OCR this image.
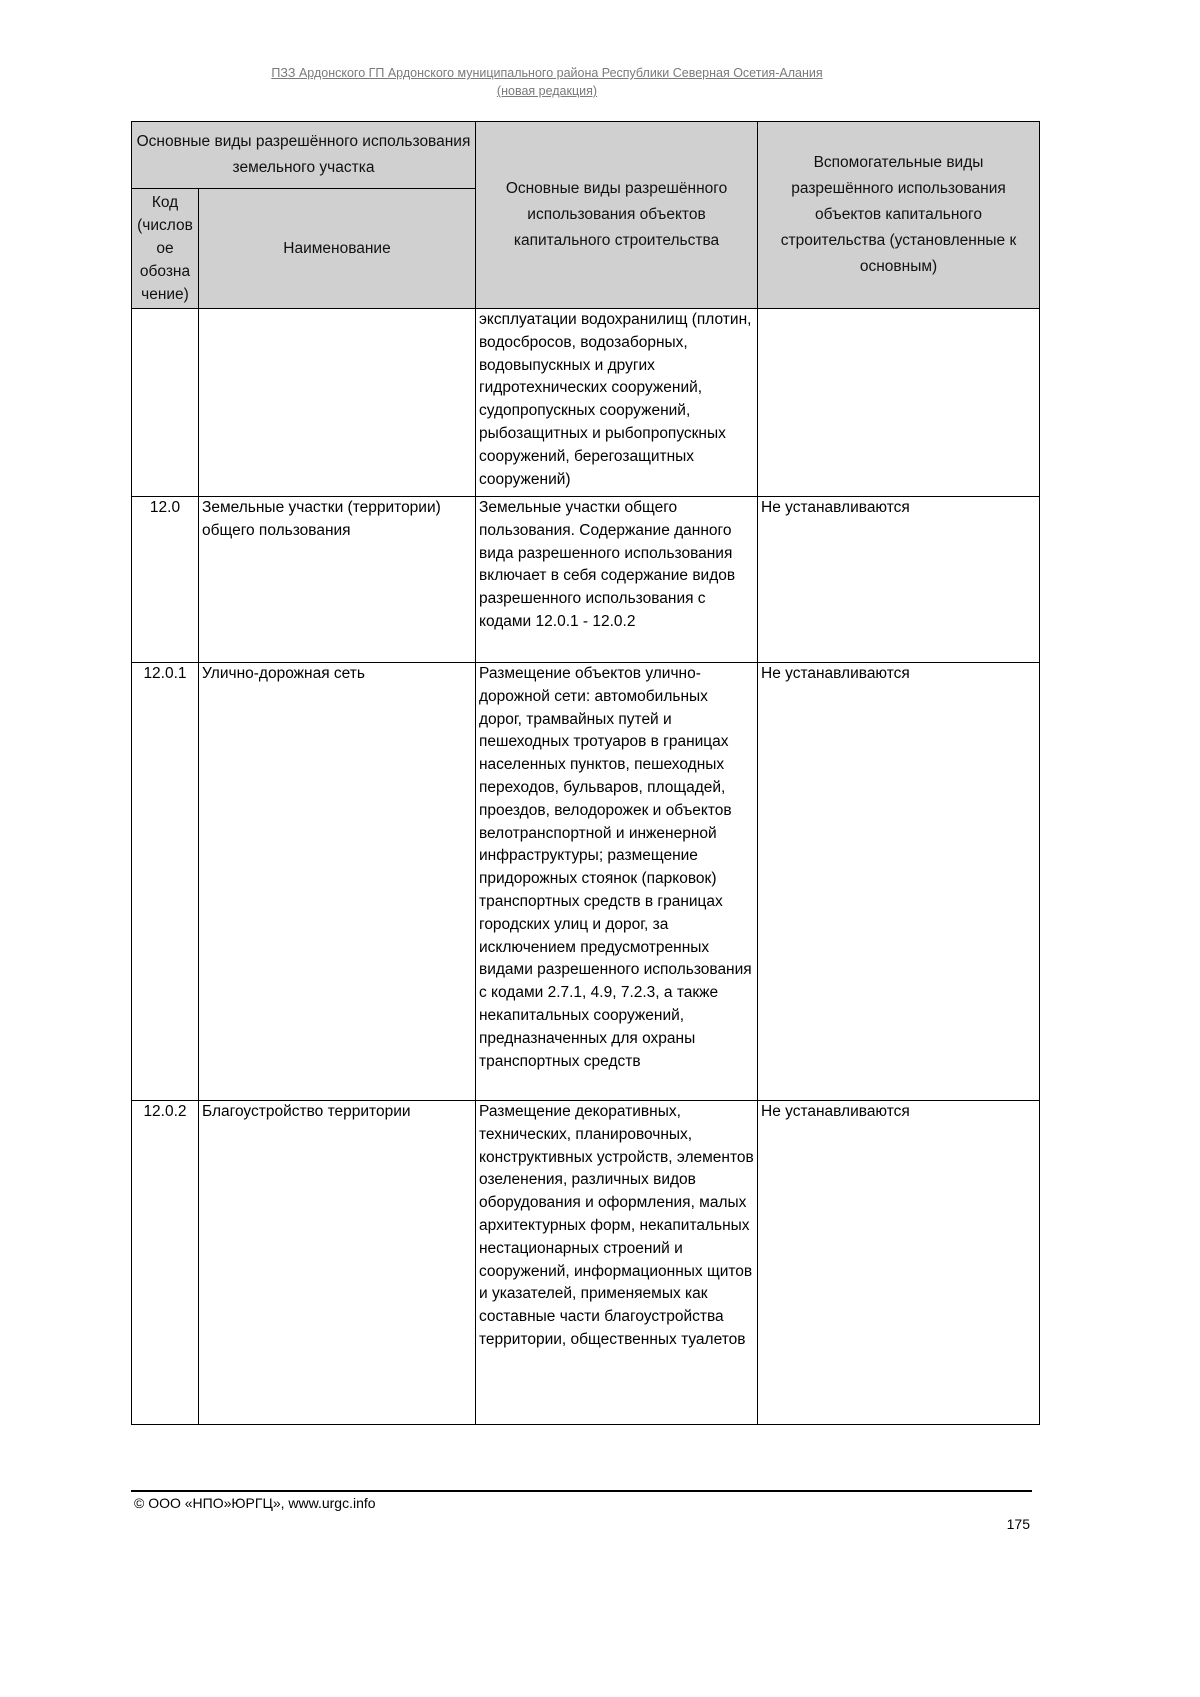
ПЗЗ Ардонского ГП Ардонского муниципального района Республики Северная Осетия-Алания
(новая редакция)
Основные виды разрешённого использования земельного участка		Основные виды разрешённого использования объектов капитального строительства	Вспомогательные виды разрешённого использования объектов капитального строительства (установленные к основным)
Код (числов ое обозна чение)	Наименование		
		эксплуатации водохранилищ (плотин, водосбросов, водозаборных, водовыпускных и других гидротехнических сооружений, судопропускных сооружений, рыбозащитных и рыбопропускных сооружений, берегозащитных сооружений)	
12.0	Земельные участки (территории) общего пользования	Земельные участки общего пользования. Содержание данного вида разрешенного использования включает в себя содержание видов разрешенного использования с кодами 12.0.1 - 12.0.2	Не устанавливаются
12.0.1	Улично-дорожная сеть	Размещение объектов улично-дорожной сети: автомобильных дорог, трамвайных путей и пешеходных тротуаров в границах населенных пунктов, пешеходных переходов, бульваров, площадей, проездов, велодорожек и объектов велотранспортной и инженерной инфраструктуры; размещение придорожных стоянок (парковок) транспортных средств в границах городских улиц и дорог, за исключением предусмотренных видами разрешенного использования с кодами 2.7.1, 4.9, 7.2.3, а также некапитальных сооружений, предназначенных для охраны транспортных средств	Не устанавливаются
12.0.2	Благоустройство территории	Размещение декоративных, технических, планировочных, конструктивных устройств, элементов озеленения, различных видов оборудования и оформления, малых архитектурных форм, некапитальных нестационарных строений и сооружений, информационных щитов и указателей, применяемых как составные части благоустройства территории, общественных туалетов	Не устанавливаются
© ООО «НПО»ЮРГЦ», www.urgc.info
175
